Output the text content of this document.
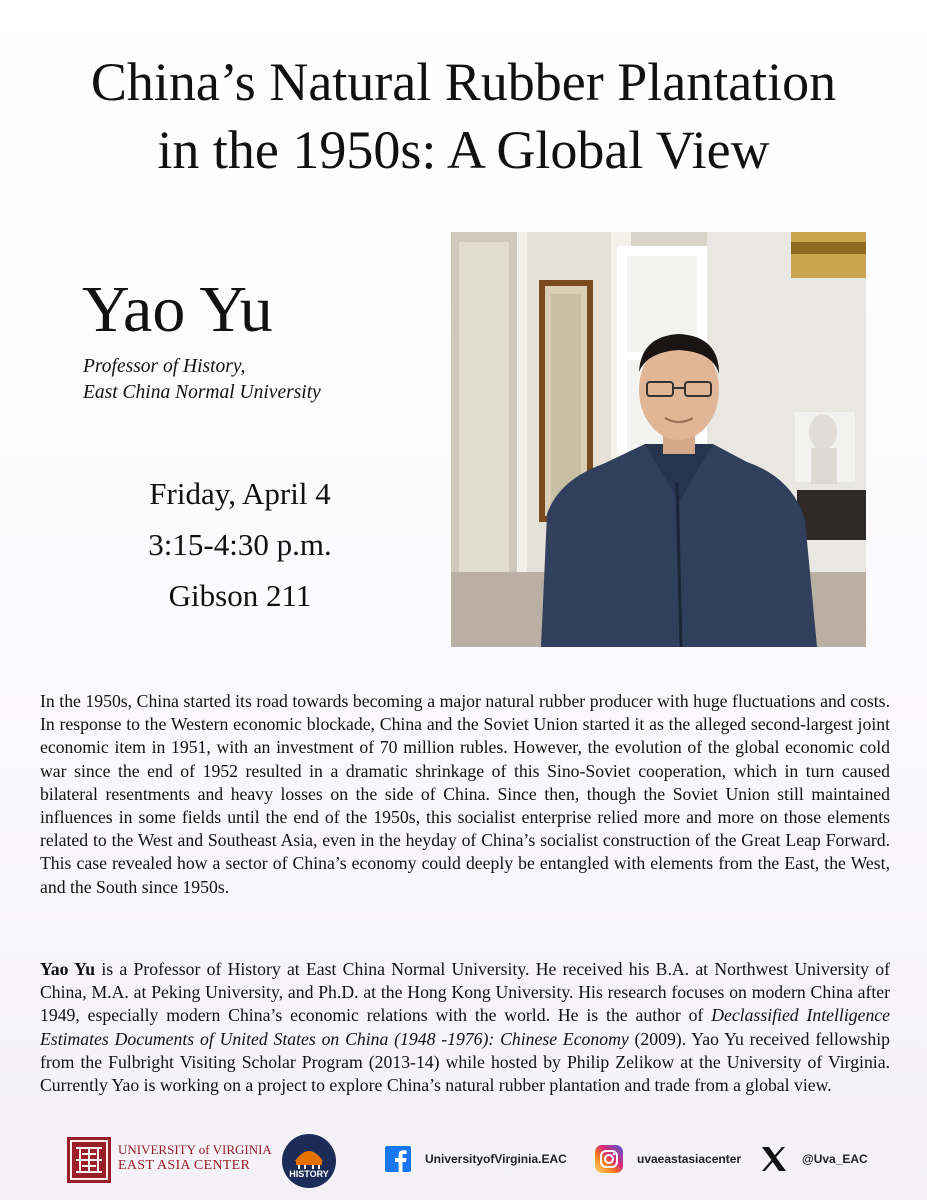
China’s Natural Rubber Plantation
in the 1950s: A Global View
Yao Yu
Professor of History,
East China Normal University
Friday, April 4
3:15-4:30 p.m.
Gibson 211

In the 1950s, China started its road towards becoming a major natural rubber producer with huge fluctuations and costs. In response to the Western economic blockade, China and the Soviet Union started it as the alleged second-largest joint economic item in 1951, with an investment of 70 million rubles. However, the evolution of the global economic cold war since the end of 1952 resulted in a dramatic shrinkage of this Sino-Soviet cooperation, which in turn caused bilateral resentments and heavy losses on the side of China. Since then, though the Soviet Union still maintained influences in some fields until the end of the 1950s, this socialist enterprise relied more and more on those elements related to the West and Southeast Asia, even in the heyday of China’s socialist construction of the Great Leap Forward. This case revealed how a sector of China’s economy could deeply be entangled with elements from the East, the West, and the South since 1950s.

Yao Yu is a Professor of History at East China Normal University. He received his B.A. at Northwest University of China, M.A. at Peking University, and Ph.D. at the Hong Kong University. His research focuses on modern China after 1949, especially modern China’s economic relations with the world. He is the author of Declassified Intelligence Estimates Documents of United States on China (1948 -1976): Chinese Economy (2009). Yao Yu received fellowship from the Fulbright Visiting Scholar Program (2013-14) while hosted by Philip Zelikow at the University of Virginia. Currently Yao is working on a project to explore China’s natural rubber plantation and trade from a global view.

UNIVERSITY of VIRGINIA
EAST ASIA CENTER
HISTORY
UniversityofVirginia.EAC	uvaeastasiacenter	@Uva_EAC
